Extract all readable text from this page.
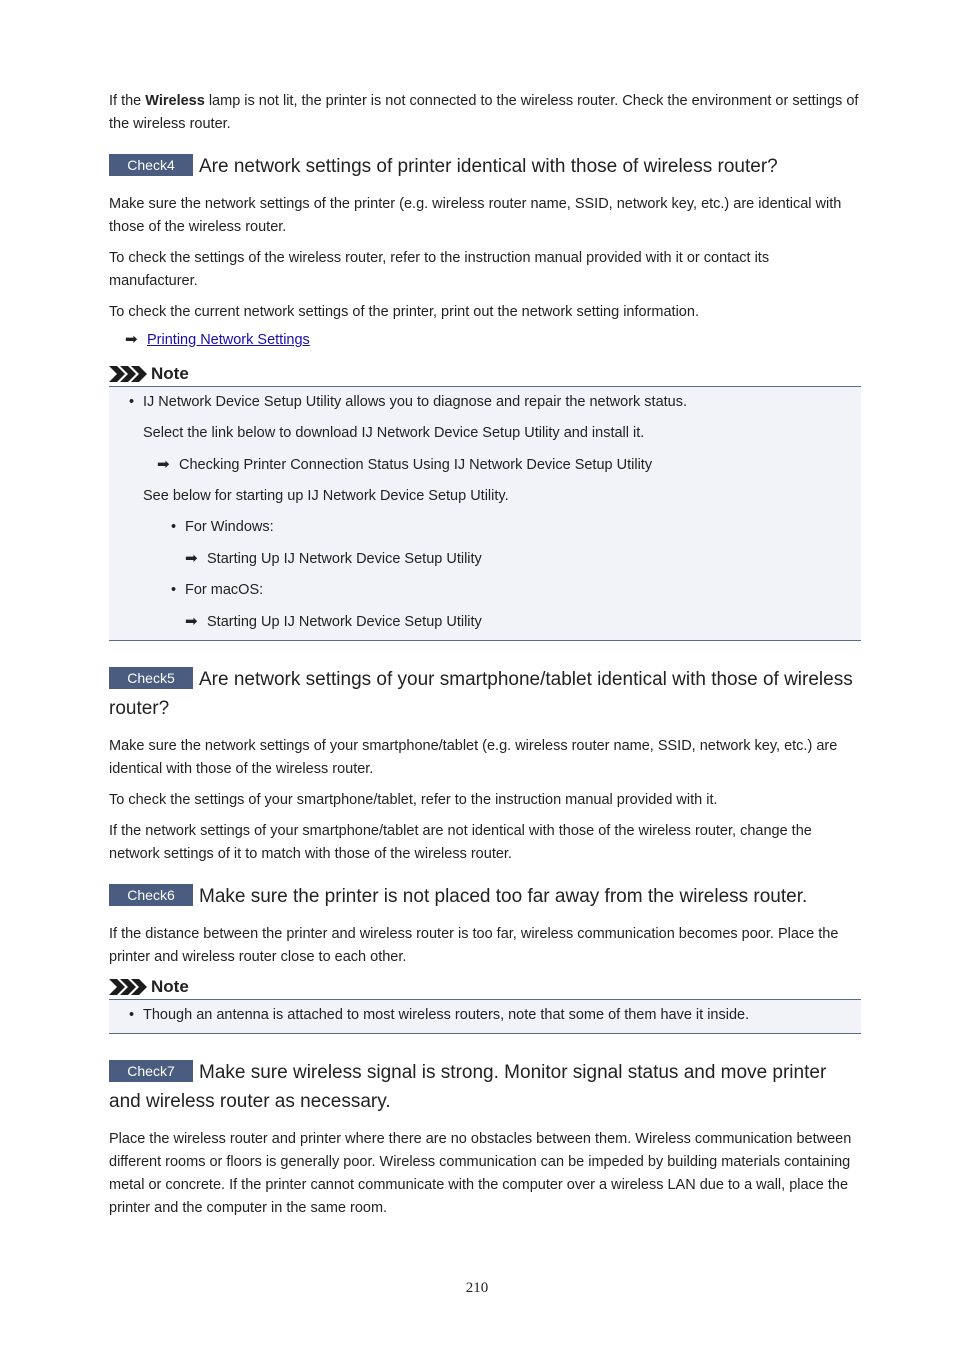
If the Wireless lamp is not lit, the printer is not connected to the wireless router. Check the environment or settings of the wireless router.

Check4 Are network settings of printer identical with those of wireless router?

Make sure the network settings of the printer (e.g. wireless router name, SSID, network key, etc.) are identical with those of the wireless router.

To check the settings of the wireless router, refer to the instruction manual provided with it or contact its manufacturer.

To check the current network settings of the printer, print out the network setting information.

➡ Printing Network Settings
Note

• IJ Network Device Setup Utility allows you to diagnose and repair the network status.

Select the link below to download IJ Network Device Setup Utility and install it.

➡ Checking Printer Connection Status Using IJ Network Device Setup Utility

See below for starting up IJ Network Device Setup Utility.

• For Windows:

➡ Starting Up IJ Network Device Setup Utility

• For macOS:

➡ Starting Up IJ Network Device Setup Utility

Check5 Are network settings of your smartphone/tablet identical with those of wireless router?

Make sure the network settings of your smartphone/tablet (e.g. wireless router name, SSID, network key, etc.) are identical with those of the wireless router.

To check the settings of your smartphone/tablet, refer to the instruction manual provided with it.

If the network settings of your smartphone/tablet are not identical with those of the wireless router, change the network settings of it to match with those of the wireless router.

Check6 Make sure the printer is not placed too far away from the wireless router.

If the distance between the printer and wireless router is too far, wireless communication becomes poor. Place the printer and wireless router close to each other.

Note

• Though an antenna is attached to most wireless routers, note that some of them have it inside.

Check7 Make sure wireless signal is strong. Monitor signal status and move printer and wireless router as necessary.

Place the wireless router and printer where there are no obstacles between them. Wireless communication between different rooms or floors is generally poor. Wireless communication can be impeded by building materials containing metal or concrete. If the printer cannot communicate with the computer over a wireless LAN due to a wall, place the printer and the computer in the same room.

210
